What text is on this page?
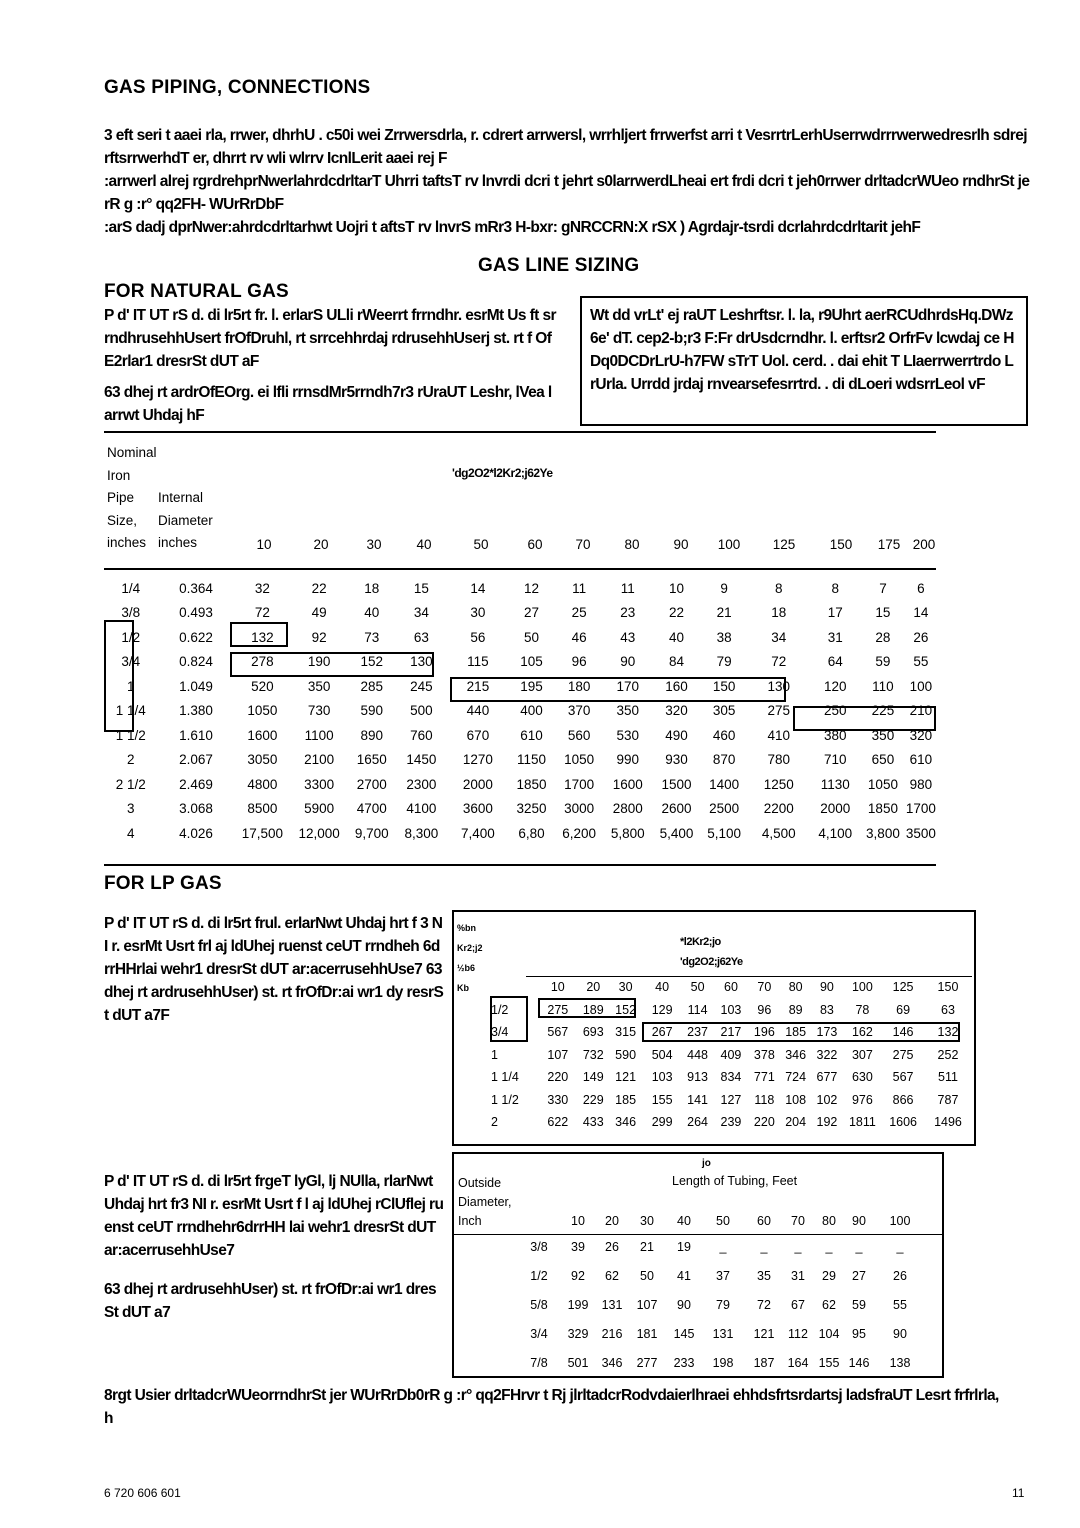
GAS PIPING, CONNECTIONS
3 eft seri t aaei rla, rrwer, dhrhU . c50i wei Zrrwersdrla, r. cdrert arrwersl, wrrhljert frrwerfst arri t VesrrtrLerhUserrwdrrrwerwedresrlh sdrej rftsrrwerhdT er, dhrrt rv wli wlrrv IcnlLerit aaei rej F
:arrwerl alrej rgrdrehprNwerlahrdcdrltarT Uhrri taftsT rv lnvrdi dcri t jehrt s0larrwerdLheai ert frdi dcri t jeh0rrwer drltadcrWUeo rndhrSt jerR g :r° qq2FH- WUrRrDbF
:arS dadj dprNwer:ahrdcdrltarhwt Uojri t aftsT rv lnvrS mRr3 H-bxr: gNRCCRN:X rSX ) Agrdajr-tsrdi dcrlahrdcdrltarit jehF
GAS LINE SIZING
FOR NATURAL GAS
P d' IT UT rS d. di lr5rt fr. l. erlarS ULli rWeerrt frrndhr. esrMt Us ft srrndhrusehhUsert frOfDruhl, rt srrcehhrdaj rdrusehhUserj st. rt f OfE2rlar1 dresrSt dUT aF
63 dhej rt ardrOfEOrg. ei lfli rrnsdMr5rrndh7r3 rUraUT Leshr, lVea larrwt Uhdaj hF
Wt dd vrLt' ej raUT Leshrftsr. l. la, r9Uhrt aerRCUdhrdsHq.DWz 6e' dT. cep2-b;r3 F:Fr drUsdcrndhr. l. erftsr2 OrfrFv lcwdaj ce HDq0DCDrLrU-h7FW sTrT Uol. cerd. . dai ehit T LIaerrwerrtrdo LrUrla. Urrdd jrdaj rnvearsefesrrtrd. . di dLoeri wdsrrLeol vF
Nominal
Iron
Pipe
Size,
inches
Internal
Diameter
inches
'dg2O2*l2Kr2;j62Ye
		10	20	30	40	50	60	70	80	90	100	125	150	175	200	
1/4	0.364	32	22	18	15	14	12	11	11	10	9	8	8	7	6	
3/8	0.493	72	49	40	34	30	27	25	23	22	21	18	17	15	14	
1/2	0.622	132	92	73	63	56	50	46	43	40	38	34	31	28	26	
3/4	0.824	278	190	152	130	115	105	96	90	84	79	72	64	59	55	
1	1.049	520	350	285	245	215	195	180	170	160	150	130	120	110	100	
1 1/4	1.380	1050	730	590	500	440	400	370	350	320	305	275	250	225	210	
1 1/2	1.610	1600	1100	890	760	670	610	560	530	490	460	410	380	350	320	
2	2.067	3050	2100	1650	1450	1270	1150	1050	990	930	870	780	710	650	610	
2 1/2	2.469	4800	3300	2700	2300	2000	1850	1700	1600	1500	1400	1250	1130	1050	980	
3	3.068	8500	5900	4700	4100	3600	3250	3000	2800	2600	2500	2200	2000	1850	1700	
4	4.026	17,500	12,000	9,700	8,300	7,400	6,80	6,200	5,800	5,400	5,100	4,500	4,100	3,800	3500	
FOR LP GAS
P d' IT UT rS d. di lr5rt frul. erlarNwt Uhdaj hrt f 3 NI r. esrMt Usrt frl aj ldUhej ruenst ceUT rrndheh 6drrHHrlai wehr1 dresrSt dUT ar:acerrusehhUse7 63 dhej rt ardrusehhUser) st. rt frOfDr:ai wr1 dy resrSt dUT a7F
%bn
Kr2;j2
½b6
Kb
*l2Kr2;jo
'dg2O2;j62Ye
	10	20	30	40	50	60	70	80	90	100	125	150
1/2	275	189	152	129	114	103	96	89	83	78	69	63
3/4	567	693	315	267	237	217	196	185	173	162	146	132
1	107	732	590	504	448	409	378	346	322	307	275	252
1 1/4	220	149	121	103	913	834	771	724	677	630	567	511
1 1/2	330	229	185	155	141	127	118	108	102	976	866	787
2	622	433	346	299	264	239	220	204	192	1811	1606	1496
P d' IT UT rS d. di lr5rt frgeT lyGl, lj NUlla, rlarNwt Uhdaj hrt fr3 NI r. esrMt Usrt f l aj ldUhej rClUflej ruenst ceUT rrndhehr6drrHH lai wehr1 dresrSt dUT ar:acerrusehhUse7
63 dhej rt ardrusehhUser) st. rt frOfDr:ai wr1 dres St dUT a7
jo
Outside
Diameter,
Inch
Length of Tubing, Feet
	10	20	30	40	50	60	70	80	90	100
3/8	39	26	21	19	_	_	_	_	_	_
1/2	92	62	50	41	37	35	31	29	27	26
5/8	199	131	107	90	79	72	67	62	59	55
3/4	329	216	181	145	131	121	112	104	95	90
7/8	501	346	277	233	198	187	164	155	146	138
8rgt Usier drltadcrWUeorrndhrSt jer WUrRrDb0rR g :r° qq2FHrvr t Rj jlrltadcrRodvdaierlhraei ehhdsfrtsrdartsj ladsfraUT Lesrt frfrlrla, h
6 720 606 601	11
